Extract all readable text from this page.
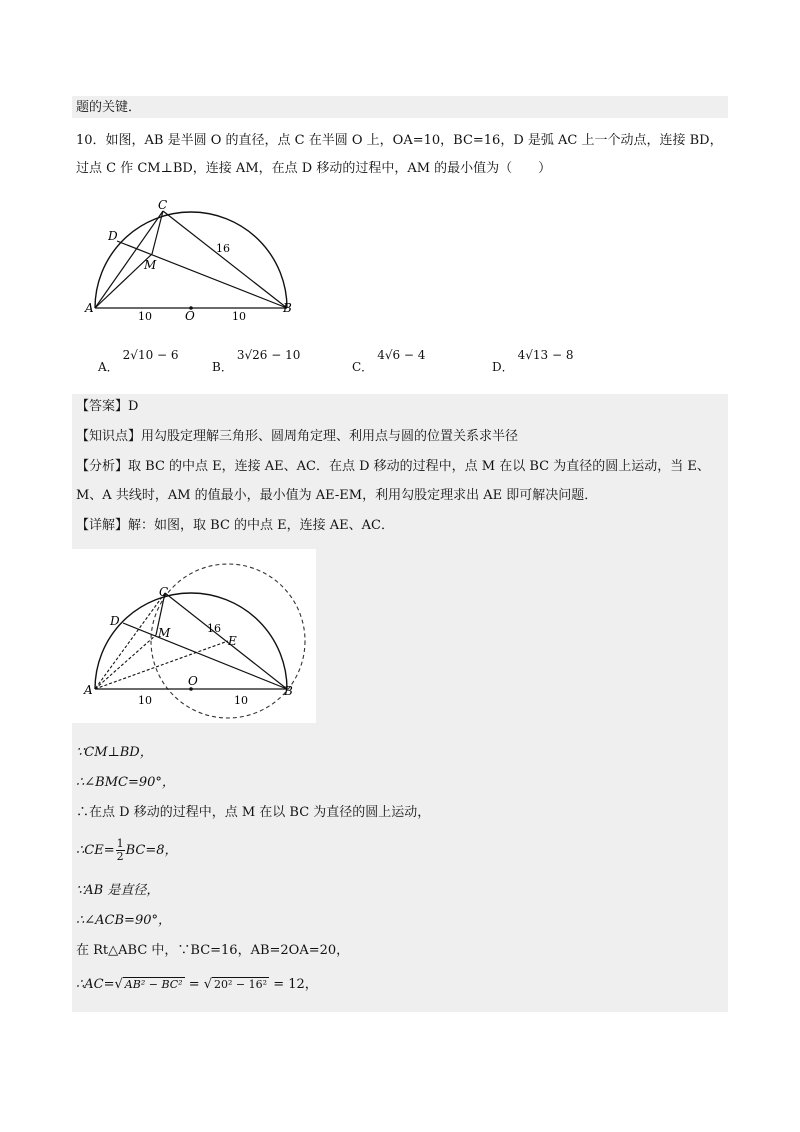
题的关键．
10．如图，AB 是半圆 O 的直径，点 C 在半圆 O 上，OA=10，BC=16，D 是弧 AC 上一个动点，连接 BD，
过点 C 作 CM⊥BD，连接 AM，在点 D 移动的过程中，AM 的最小值为（　　）
C
D
M
A	B
O
16
10	10
A．2√10 − 6
B．3√26 − 10
C．4√6 − 4
D．4√13 − 8
【答案】D
【知识点】用勾股定理解三角形、圆周角定理、利用点与圆的位置关系求半径
【分析】取 BC 的中点 E，连接 AE、AC．在点 D 移动的过程中，点 M 在以 BC 为直径的圆上运动，当 E、
M、A 共线时，AM 的值最小，最小值为 AE-EM，利用勾股定理求出 AE 即可解决问题．
【详解】解：如图，取 BC 的中点 E，连接 AE、AC．
C
D
M
E
A	B
O
16
10	10
∵CM⊥BD，
∴∠BMC=90°，
∴在点 D 移动的过程中，点 M 在以 BC 为直径的圆上运动，
∴CE= $\frac{1}{2} BC=8$，
∵AB 是直径，
∴∠ACB=90°，
在 Rt△ABC 中，∵BC=16，AB=2OA=20，
∴AC=√ AB² − BC² = √ 20² − 16² = 12，
